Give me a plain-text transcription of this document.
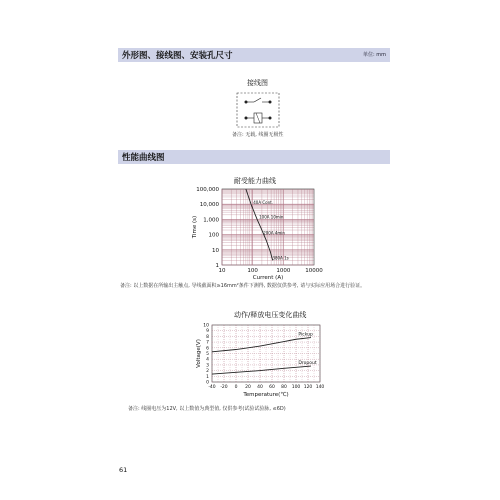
外形图、接线图、安装孔尺寸	单位: mm
接线图
备注: 无载, 线圈无极性
性能曲线图
耐受能力曲线
10	100	1000	10000
1
10
100
1,000
10,000
100,000
Current (A)
Time (s)
40A Cont.
100A 10min
200A 4min
380A 1s
备注: 以上数据在所输出主触点, 导线截面积≥16mm²条件下测得, 数据仅供参考, 请与实际应用场合进行验证。
动作/释放电压变化曲线
-40 -20 0 20 40 60 80 100 120 140
0
1
2
3
4
5
6
7
8
9
10
Temperature(℃)
Voltage(V)
Pickup
Dropout
备注: 线圈电压为12V, 以上数值为典型值, 仅供参考(试验试验脉, ≤6D)
61
